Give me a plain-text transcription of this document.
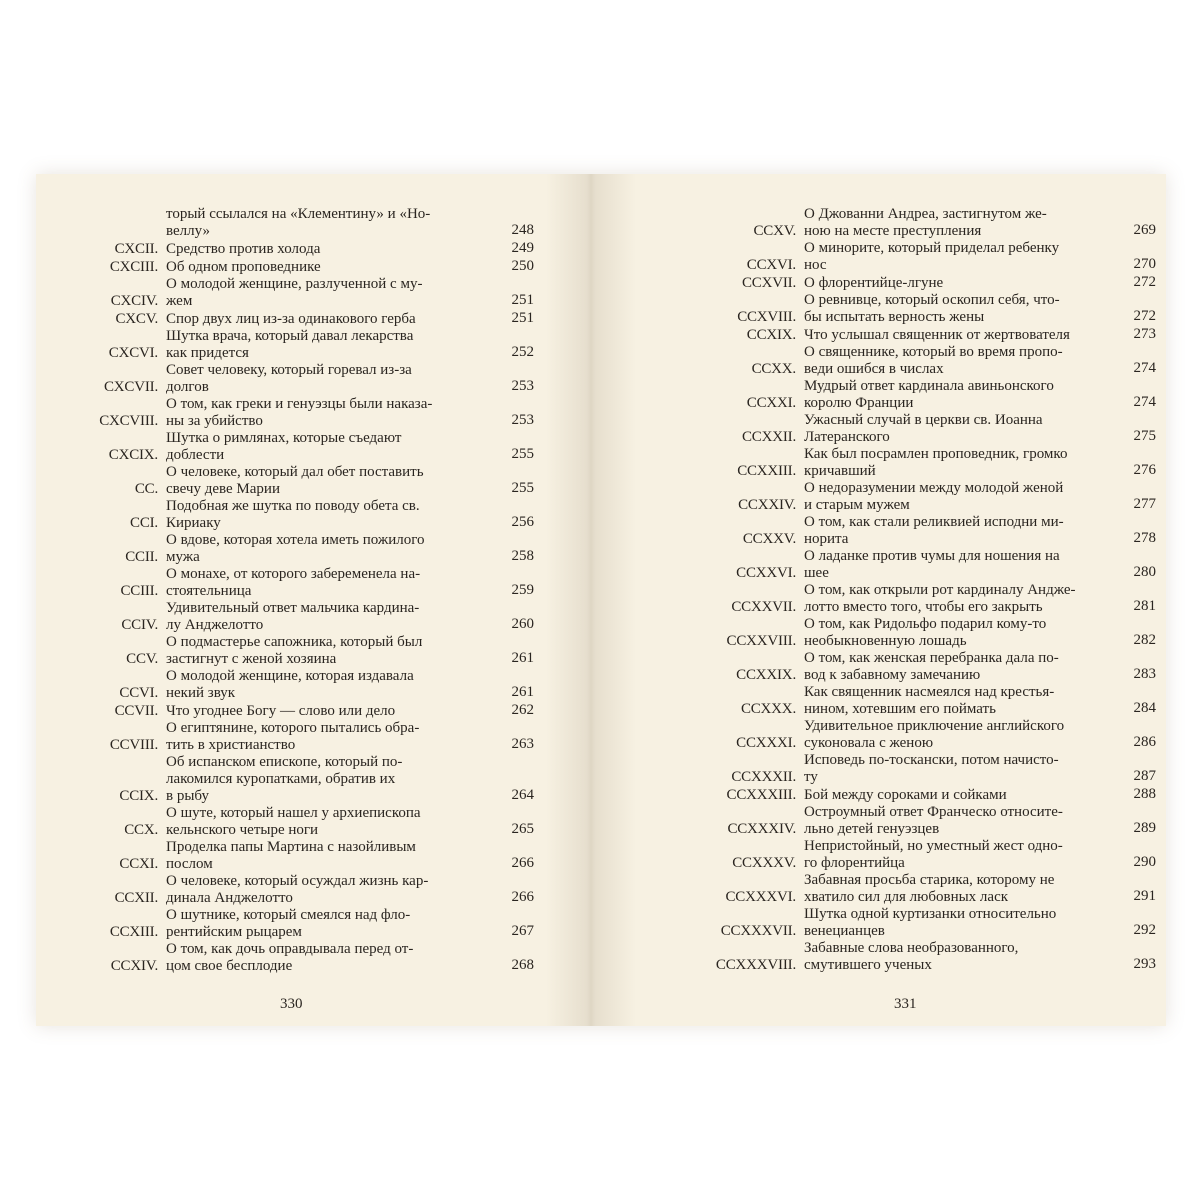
торый ссылался на «Клементину» и «Но-
веллу»	248
CXCII. Средство против холода	249
CXCIII. Об одном проповеднике	250
CXCIV.
О молодой женщине, разлученной с му-
жем	251
CXCV. Спор двух лиц из-за одинакового герба	251
CXCVI.
Шутка врача, который давал лекарства
как придется	252
CXCVII.
Совет человеку, который горевал из-за
долгов	253
CXCVIII.
О том, как греки и генуэзцы были наказа-
ны за убийство	253
CXCIX.
Шутка о римлянах, которые съедают
доблести	255
CC.
О человеке, который дал обет поставить
свечу деве Марии	255
CCI.
Подобная же шутка по поводу обета св.
Кириаку	256
CCII.
О вдове, которая хотела иметь пожилого
мужа	258
CCIII.
О монахе, от которого забеременела на-
стоятельница	259
CCIV.
Удивительный ответ мальчика кардина-
лу Анджелотто	260
CCV.
О подмастерье сапожника, который был
застигнут с женой хозяина	261
CCVI.
О молодой женщине, которая издавала
некий звук	261
CCVII. Что угоднее Богу — слово или дело	262
CCVIII.
О египтянине, которого пытались обра-
тить в христианство	263
CCIX.
Об испанском епископе, который по-
лакомился куропатками, обратив их
в рыбу	264
CCX.
О шуте, который нашел у архиепископа
кельнского четыре ноги	265
CCXI.
Проделка папы Мартина с назойливым
послом	266
CCXII.
О человеке, который осуждал жизнь кар-
динала Анджелотто	266
CCXIII.
О шутнике, который смеялся над фло-
рентийским рыцарем	267
CCXIV.
О том, как дочь оправдывала перед от-
цом свое бесплодие	268
CCXV.
О Джованни Андреа, застигнутом же-
ною на месте преступления	269
CCXVI.
О минорите, который приделал ребенку
нос	270
CCXVII. О флорентийце-лгуне	272
CCXVIII.
О ревнивце, который оскопил себя, что-
бы испытать верность жены	272
CCXIX. Что услышал священник от жертвователя	273
CCXX.
О священнике, который во время пропо-
веди ошибся в числах	274
CCXXI.
Мудрый ответ кардинала авиньонского
королю Франции	274
CCXXII.
Ужасный случай в церкви св. Иоанна
Латеранского	275
CCXXIII.
Как был посрамлен проповедник, громко
кричавший	276
CCXXIV.
О недоразумении между молодой женой
и старым мужем	277
CCXXV.
О том, как стали реликвией исподни ми-
норита	278
CCXXVI.
О ладанке против чумы для ношения на
шее	280
CCXXVII.
О том, как открыли рот кардиналу Андже-
лотто вместо того, чтобы его закрыть	281
CCXXVIII.
О том, как Ридольфо подарил кому-то
необыкновенную лошадь	282
CCXXIX.
О том, как женская перебранка дала по-
вод к забавному замечанию	283
CCXXX.
Как священник насмеялся над крестья-
нином, хотевшим его поймать	284
CCXXXI.
Удивительное приключение английского
суконовала с женою	286
CCXXXII.
Исповедь по-тоскански, потом начисто-
ту	287
CCXXXIII. Бой между сороками и сойками	288
CCXXXIV.
Остроумный ответ Франческо относите-
льно детей генуэзцев	289
CCXXXV.
Непристойный, но уместный жест одно-
го флорентийца	290
CCXXXVI.
Забавная просьба старика, которому не
хватило сил для любовных ласк	291
CCXXXVII.
Шутка одной куртизанки относительно
венецианцев	292
CCXXXVIII.
Забавные слова необразованного,
смутившего ученых	293
330	331
